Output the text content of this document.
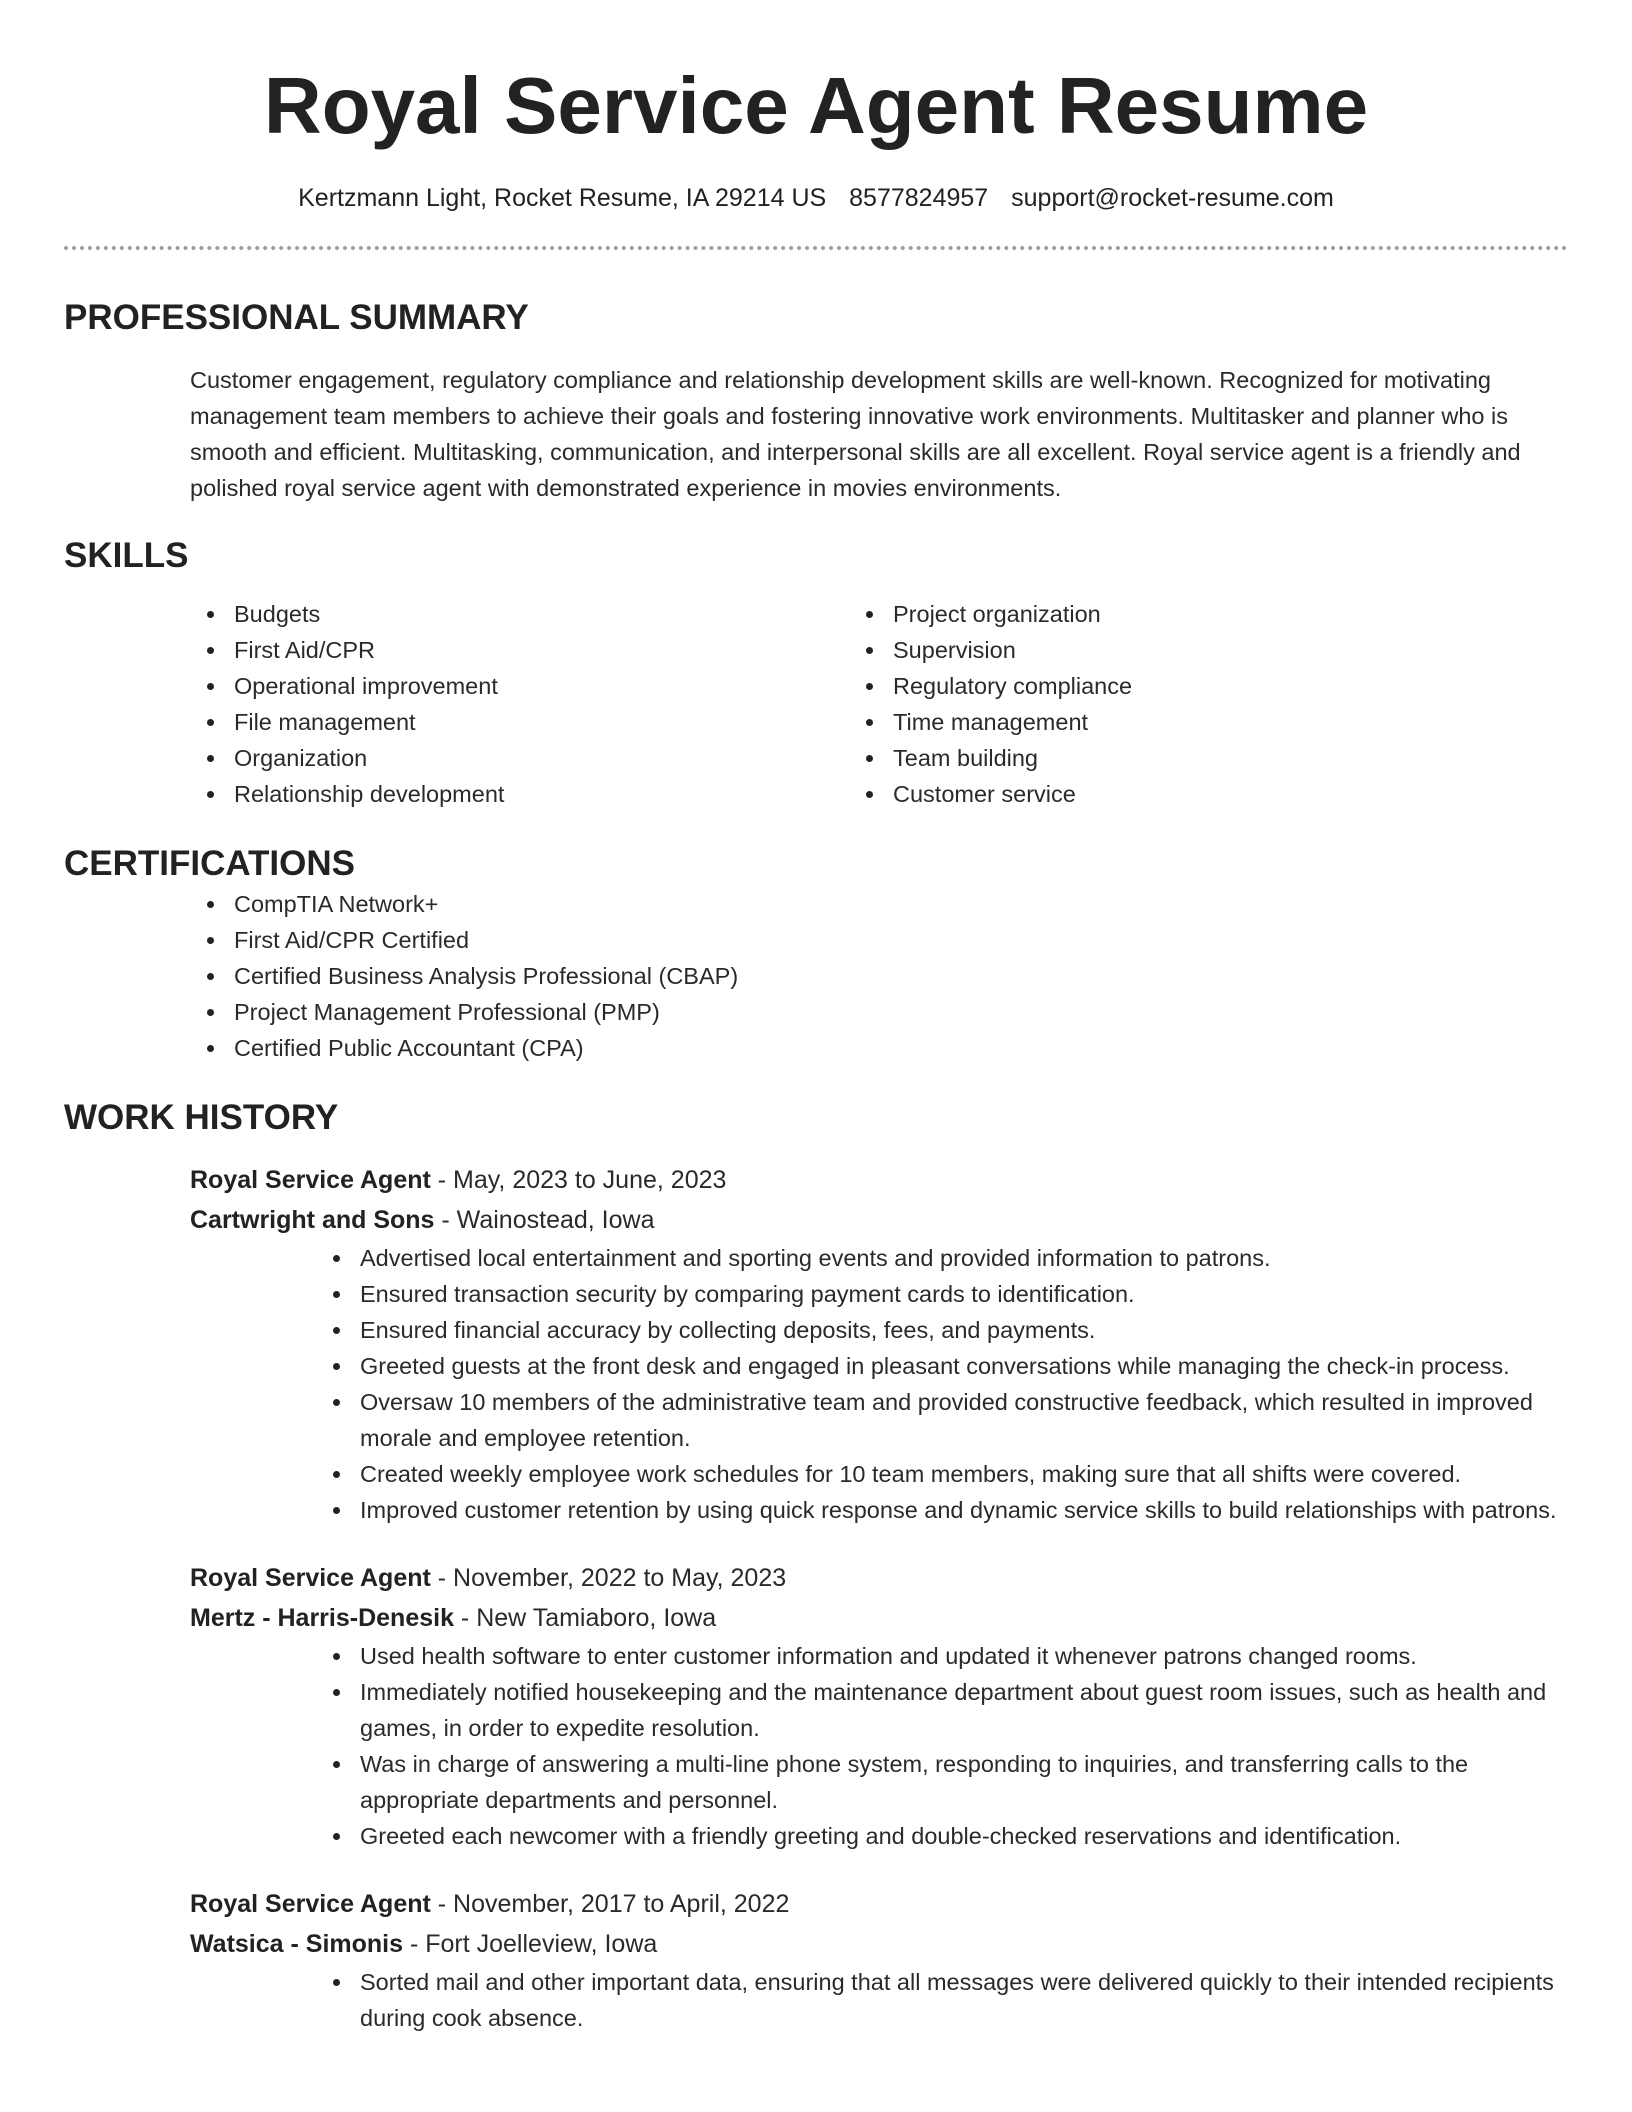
Royal Service Agent Resume
Kertzmann Light, Rocket Resume, IA 29214 US 8577824957 support@rocket-resume.com
PROFESSIONAL SUMMARY

Customer engagement, regulatory compliance and relationship development skills are well-known. Recognized for motivating management team members to achieve their goals and fostering innovative work environments. Multitasker and planner who is smooth and efficient. Multitasking, communication, and interpersonal skills are all excellent. Royal service agent is a friendly and polished royal service agent with demonstrated experience in movies environments.

SKILLS
Budgets
First Aid/CPR
Operational improvement
File management
Organization
Relationship development
Project organization
Supervision
Regulatory compliance
Time management
Team building
Customer service
CERTIFICATIONS
CompTIA Network+
First Aid/CPR Certified
Certified Business Analysis Professional (CBAP)
Project Management Professional (PMP)
Certified Public Accountant (CPA)
WORK HISTORY
Royal Service Agent - May, 2023 to June, 2023
Cartwright and Sons - Wainostead, Iowa
Advertised local entertainment and sporting events and provided information to patrons.
Ensured transaction security by comparing payment cards to identification.
Ensured financial accuracy by collecting deposits, fees, and payments.
Greeted guests at the front desk and engaged in pleasant conversations while managing the check-in process.
Oversaw 10 members of the administrative team and provided constructive feedback, which resulted in improved morale and employee retention.
Created weekly employee work schedules for 10 team members, making sure that all shifts were covered.
Improved customer retention by using quick response and dynamic service skills to build relationships with patrons.
Royal Service Agent - November, 2022 to May, 2023
Mertz - Harris-Denesik - New Tamiaboro, Iowa
Used health software to enter customer information and updated it whenever patrons changed rooms.
Immediately notified housekeeping and the maintenance department about guest room issues, such as health and games, in order to expedite resolution.
Was in charge of answering a multi-line phone system, responding to inquiries, and transferring calls to the appropriate departments and personnel.
Greeted each newcomer with a friendly greeting and double-checked reservations and identification.
Royal Service Agent - November, 2017 to April, 2022
Watsica - Simonis - Fort Joelleview, Iowa
Sorted mail and other important data, ensuring that all messages were delivered quickly to their intended recipients during cook absence.
